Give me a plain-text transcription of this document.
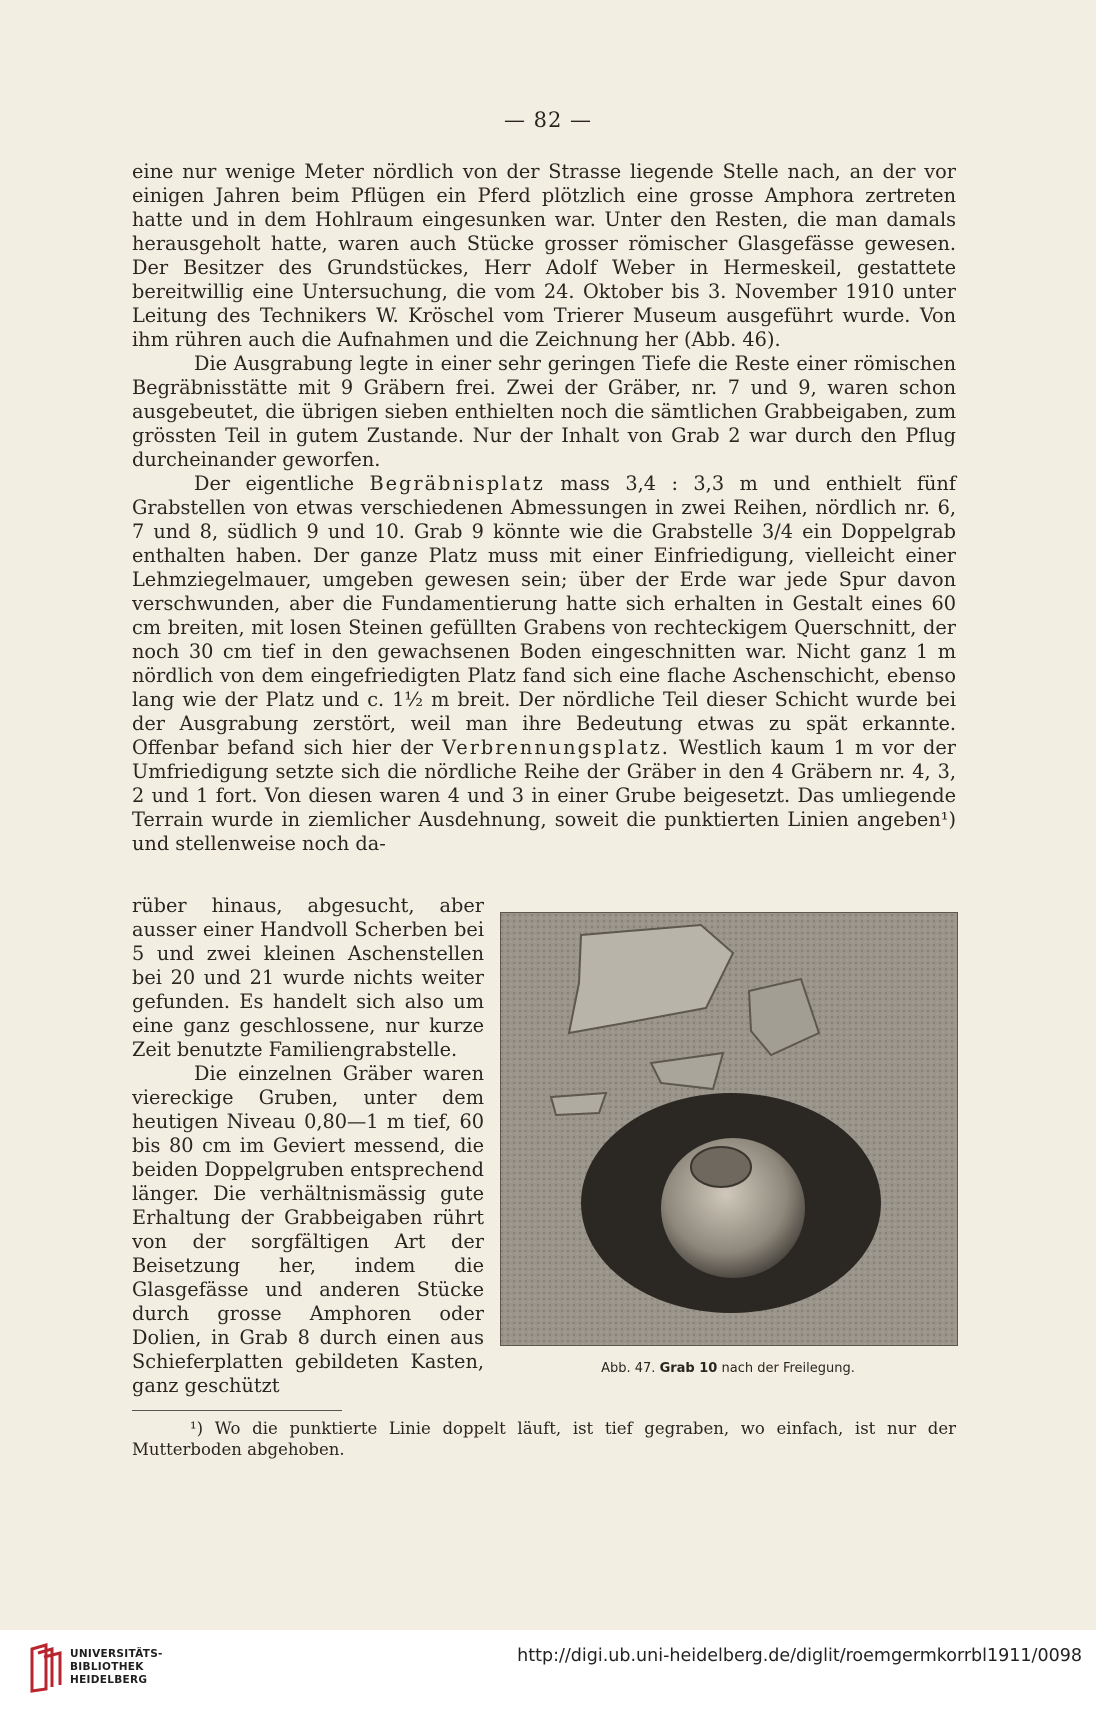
— 82 —

eine nur wenige Meter nördlich von der Strasse liegende Stelle nach, an der vor einigen Jahren beim Pflügen ein Pferd plötzlich eine grosse Amphora zertreten hatte und in dem Hohlraum eingesunken war. Unter den Resten, die man damals herausgeholt hatte, waren auch Stücke grosser römischer Glasgefässe gewesen. Der Besitzer des Grundstückes, Herr Adolf Weber in Hermeskeil, gestattete bereitwillig eine Untersuchung, die vom 24. Oktober bis 3. November 1910 unter Leitung des Technikers W. Kröschel vom Trierer Museum ausgeführt wurde. Von ihm rühren auch die Aufnahmen und die Zeichnung her (Abb. 46).

Die Ausgrabung legte in einer sehr geringen Tiefe die Reste einer römischen Begräbnisstätte mit 9 Gräbern frei. Zwei der Gräber, nr. 7 und 9, waren schon ausgebeutet, die übrigen sieben enthielten noch die sämtlichen Grabbeigaben, zum grössten Teil in gutem Zustande. Nur der Inhalt von Grab 2 war durch den Pflug durcheinander geworfen.

Der eigentliche Begräbnisplatz mass 3,4 : 3,3 m und enthielt fünf Grabstellen von etwas verschiedenen Abmessungen in zwei Reihen, nördlich nr. 6, 7 und 8, südlich 9 und 10. Grab 9 könnte wie die Grabstelle 3/4 ein Doppelgrab enthalten haben. Der ganze Platz muss mit einer Einfriedigung, vielleicht einer Lehmziegelmauer, umgeben gewesen sein; über der Erde war jede Spur davon verschwunden, aber die Fundamentierung hatte sich erhalten in Gestalt eines 60 cm breiten, mit losen Steinen gefüllten Grabens von rechteckigem Querschnitt, der noch 30 cm tief in den gewachsenen Boden eingeschnitten war. Nicht ganz 1 m nördlich von dem eingefriedigten Platz fand sich eine flache Aschenschicht, ebenso lang wie der Platz und c. 1½ m breit. Der nördliche Teil dieser Schicht wurde bei der Ausgrabung zerstört, weil man ihre Bedeutung etwas zu spät erkannte. Offenbar befand sich hier der Verbrennungsplatz. Westlich kaum 1 m vor der Umfriedigung setzte sich die nördliche Reihe der Gräber in den 4 Gräbern nr. 4, 3, 2 und 1 fort. Von diesen waren 4 und 3 in einer Grube beigesetzt. Das umliegende Terrain wurde in ziemlicher Ausdehnung, soweit die punktierten Linien angeben¹) und stellenweise noch da-

rüber hinaus, abgesucht, aber ausser einer Handvoll Scherben bei 5 und zwei kleinen Aschenstellen bei 20 und 21 wurde nichts weiter gefunden. Es handelt sich also um eine ganz geschlossene, nur kurze Zeit benutzte Familiengrabstelle.

Die einzelnen Gräber waren viereckige Gruben, unter dem heutigen Niveau 0,80—1 m tief, 60 bis 80 cm im Geviert messend, die beiden Doppelgruben entsprechend länger. Die verhältnismässig gute Erhaltung der Grabbeigaben rührt von der sorgfältigen Art der Beisetzung her, indem die Glasgefässe und anderen Stücke durch grosse Amphoren oder Dolien, in Grab 8 durch einen aus Schieferplatten gebildeten Kasten, ganz geschützt

Abb. 47. Grab 10 nach der Freilegung.

¹) Wo die punktierte Linie doppelt läuft, ist tief gegraben, wo einfach, ist nur der Mutterboden abgehoben.

UNIVERSITÄTS-
BIBLIOTHEK
HEIDELBERG
http://digi.ub.uni-heidelberg.de/diglit/roemgermkorrbl1911/0098
